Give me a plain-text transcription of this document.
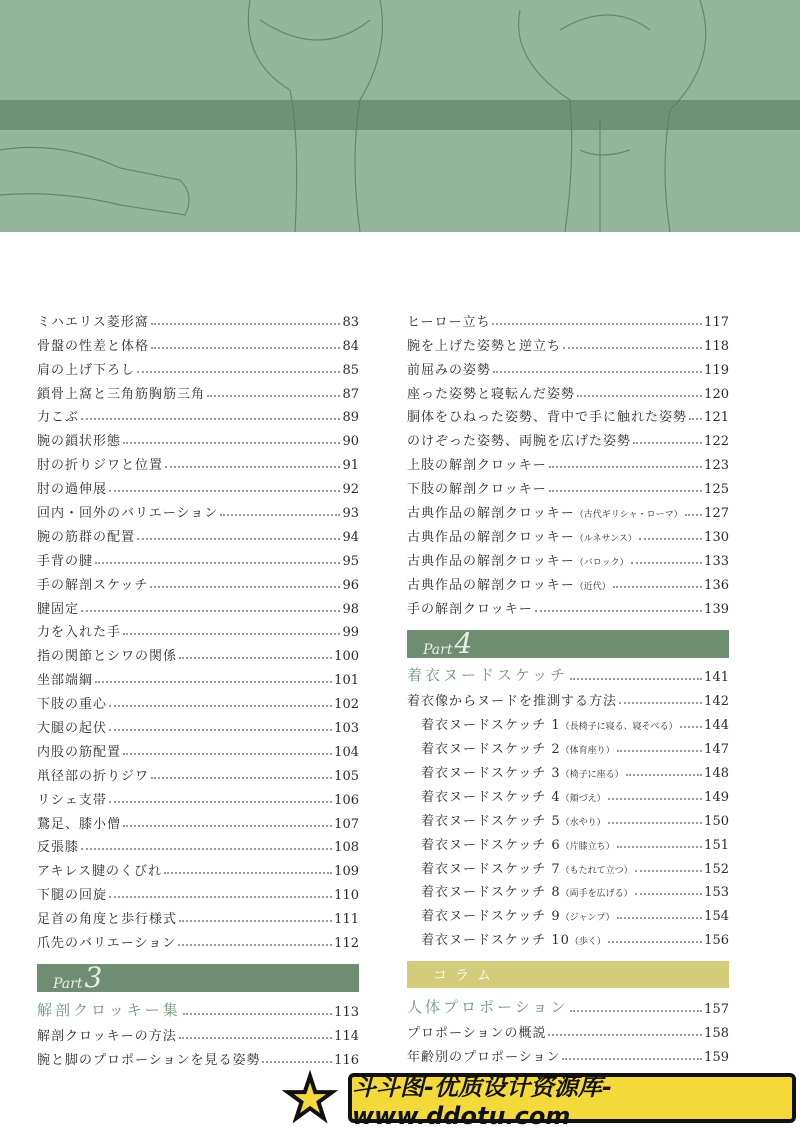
ミハエリス菱形窩	83
骨盤の性差と体格	84
肩の上げ下ろし	85
鎖骨上窩と三角筋胸筋三角	87
力こぶ	89
腕の鎖状形態	90
肘の折りジワと位置	91
肘の過伸展	92
回内・回外のバリエーション	93
腕の筋群の配置	94
手背の腱	95
手の解剖スケッチ	96
腱固定	98
力を入れた手	99
指の関節とシワの関係	100
坐部端綱	101
下肢の重心	102
大腿の起伏	103
内股の筋配置	104
鼡径部の折りジワ	105
リシェ支帯	106
鵞足、膝小僧	107
反張膝	108
アキレス腱のくびれ	109
下腿の回旋	110
足首の角度と歩行様式	111
爪先のバリエーション	112
Part 3
解剖クロッキー集	113
解剖クロッキーの方法	114
腕と脚のプロポーションを見る姿勢	116
ヒーロー立ち	117
腕を上げた姿勢と逆立ち	118
前屈みの姿勢	119
座った姿勢と寝転んだ姿勢	120
胴体をひねった姿勢、背中で手に触れた姿勢 121
のけぞった姿勢、両腕を広げた姿勢	122
上肢の解剖クロッキー	123
下肢の解剖クロッキー	125
古典作品の解剖クロッキー（古代ギリシャ・ローマ） 127
古典作品の解剖クロッキー（ルネサンス）	130
古典作品の解剖クロッキー（バロック）	133
古典作品の解剖クロッキー（近代）	136
手の解剖クロッキー	139
Part 4
着衣ヌードスケッチ	141
着衣像からヌードを推測する方法	142
着衣ヌードスケッチ 1（長椅子に寝る、寝そべる） 144
着衣ヌードスケッチ 2（体育座り）	147
着衣ヌードスケッチ 3（椅子に座る）	148
着衣ヌードスケッチ 4（頬づえ）	149
着衣ヌードスケッチ 5（水やり）	150
着衣ヌードスケッチ 6（片膝立ち）	151
着衣ヌードスケッチ 7（もたれて立つ）	152
着衣ヌードスケッチ 8（両手を広げる）	153
着衣ヌードスケッチ 9（ジャンプ）	154
着衣ヌードスケッチ 10（歩く）	156
コラム
人体プロポーション	157
プロポーションの概説	158
年齢別のプロポーション	159
★ 斗斗图-优质设计资源库-www.ddotu.com
